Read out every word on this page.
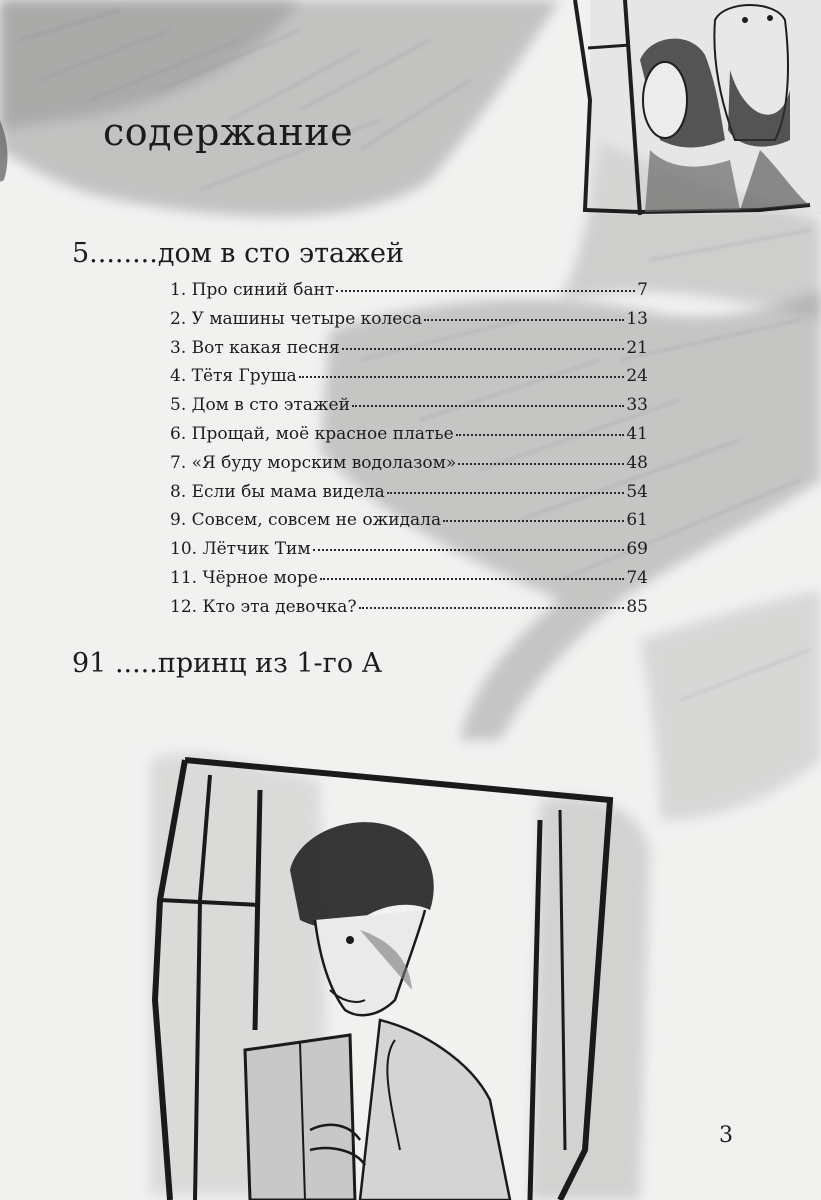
содержание
5........дом в сто этажей
1. Про синий бант	7
2. У машины четыре колеса	13
3. Вот какая песня	21
4. Тётя Груша	24
5. Дом в сто этажей	33
6. Прощай, моё красное платье	41
7. «Я буду морским водолазом»	48
8. Если бы мама видела	54
9. Совсем, совсем не ожидала	61
10. Лётчик Тим	69
11. Чёрное море	74
12. Кто эта девочка?	85
91 .....принц из 1-го А
3
